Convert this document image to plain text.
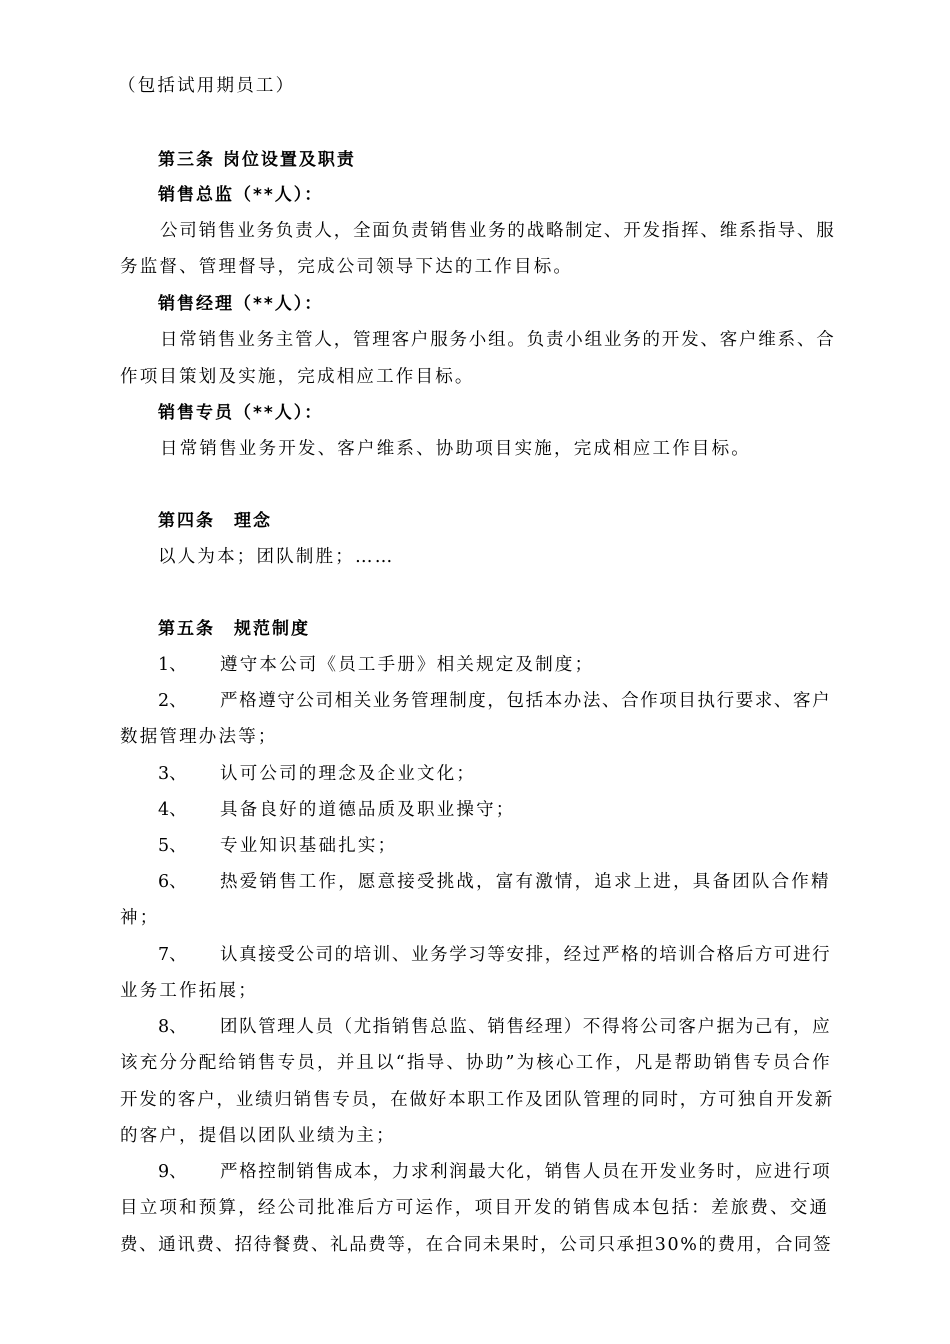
（包括试用期员工）
第三条 岗位设置及职责
销售总监（**人）：
公司销售业务负责人，全面负责销售业务的战略制定、开发指挥、维系指导、服
务监督、管理督导，完成公司领导下达的工作目标。
销售经理（**人）：
日常销售业务主管人，管理客户服务小组。负责小组业务的开发、客户维系、合
作项目策划及实施，完成相应工作目标。
销售专员（**人）：
日常销售业务开发、客户维系、协助项目实施，完成相应工作目标。
第四条　理念
以人为本；团队制胜；……
第五条　规范制度
1、 遵守本公司《员工手册》相关规定及制度；
2、 严格遵守公司相关业务管理制度，包括本办法、合作项目执行要求、客户
数据管理办法等；
3、 认可公司的理念及企业文化；
4、 具备良好的道德品质及职业操守；
5、 专业知识基础扎实；
6、 热爱销售工作，愿意接受挑战，富有激情，追求上进，具备团队合作精
神；
7、 认真接受公司的培训、业务学习等安排，经过严格的培训合格后方可进行
业务工作拓展；
8、 团队管理人员（尤指销售总监、销售经理）不得将公司客户据为己有，应
该充分分配给销售专员，并且以“指导、协助”为核心工作，凡是帮助销售专员合作
开发的客户，业绩归销售专员，在做好本职工作及团队管理的同时，方可独自开发新
的客户，提倡以团队业绩为主；
9、 严格控制销售成本，力求利润最大化，销售人员在开发业务时，应进行项
目立项和预算，经公司批准后方可运作，项目开发的销售成本包括：差旅费、交通
费、通讯费、招待餐费、礼品费等，在合同未果时，公司只承担30%的费用，合同签
